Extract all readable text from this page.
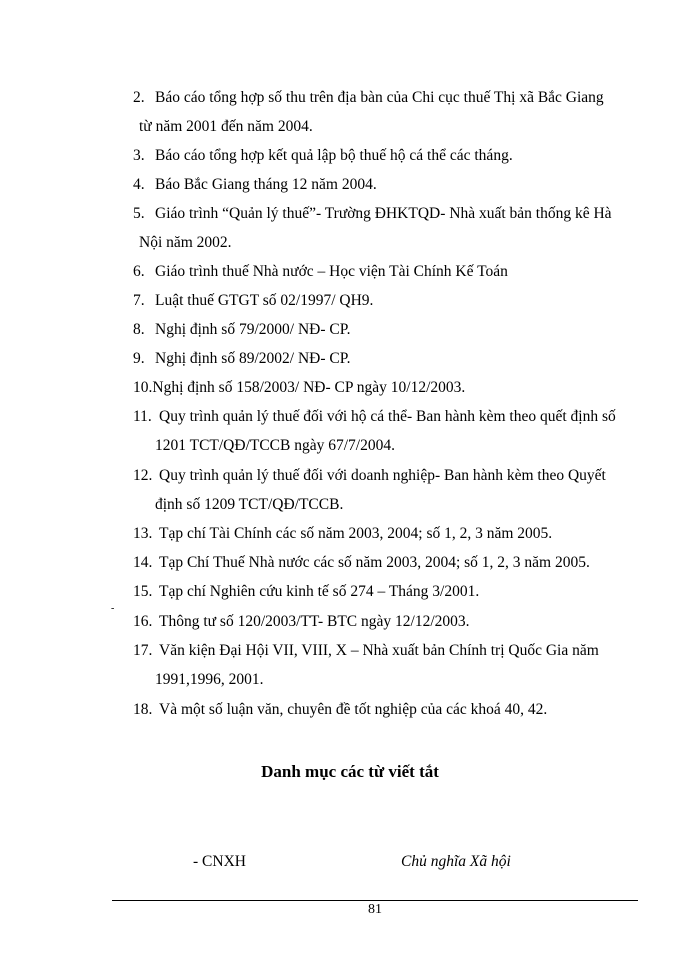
2. Báo cáo tổng hợp số thu trên địa bàn của Chi cục thuế Thị xã Bắc Giang
từ năm 2001 đến năm 2004.
3. Báo cáo tổng hợp kết quả lập bộ thuế hộ cá thể các tháng.
4. Báo Bắc Giang tháng 12 năm 2004.
5. Giáo trình “Quản lý thuế”- Trường ĐHKTQD- Nhà xuất bản thống kê Hà
Nội năm 2002.
6. Giáo trình thuế Nhà nước – Học viện Tài Chính Kế Toán
7. Luật thuế GTGT số 02/1997/ QH9.
8. Nghị định số 79/2000/ NĐ- CP.
9. Nghị định số 89/2002/ NĐ- CP.
10.Nghị định số 158/2003/ NĐ- CP ngày 10/12/2003.
11. Quy trình quản lý thuế đối với hộ cá thể- Ban hành kèm theo quết định số
1201 TCT/QĐ/TCCB ngày 67/7/2004.
12. Quy trình quản lý thuế đối với doanh nghiệp- Ban hành kèm theo Quyết
định số 1209 TCT/QĐ/TCCB.
13. Tạp chí Tài Chính các số năm 2003, 2004; số 1, 2, 3 năm 2005.
14. Tạp Chí Thuế Nhà nước các số năm 2003, 2004; số 1, 2, 3 năm 2005.
15. Tạp chí Nghiên cứu kinh tế số 274 – Tháng 3/2001.
16. Thông tư số 120/2003/TT- BTC ngày 12/12/2003.
17. Văn kiện Đại Hội VII, VIII, X – Nhà xuất bản Chính trị Quốc Gia năm
1991,1996, 2001.
18. Và một số luận văn, chuyên đề tốt nghiệp của các khoá 40, 42.
-
Danh mục các từ viết tắt
- CNXH	Chủ nghĩa Xã hội
81
